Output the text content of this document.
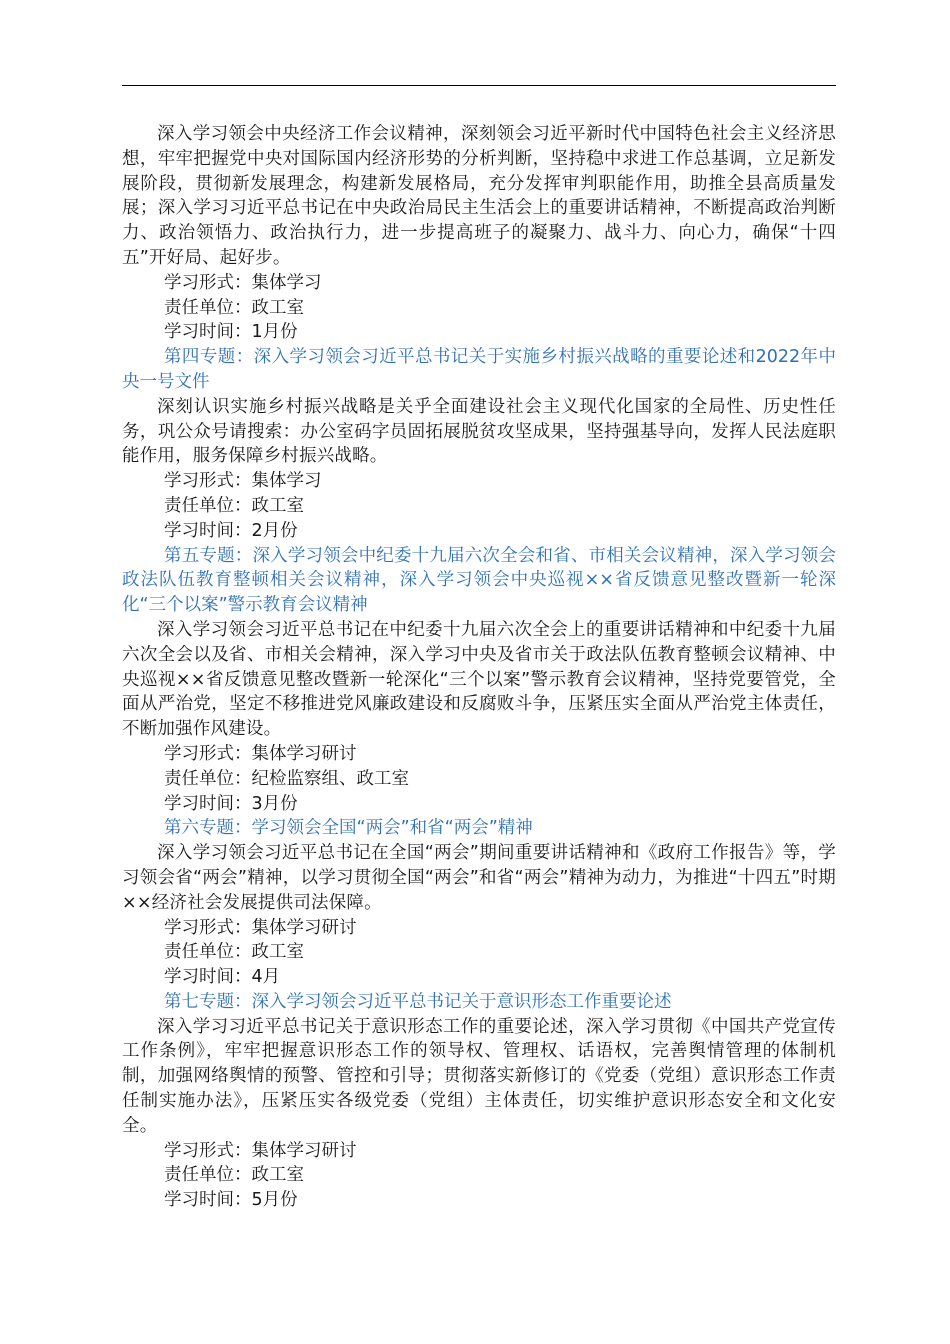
深入学习领会中央经济工作会议精神，深刻领会习近平新时代中国特色社会主义经济思想，牢牢把握党中央对国际国内经济形势的分析判断，坚持稳中求进工作总基调，立足新发展阶段，贯彻新发展理念，构建新发展格局，充分发挥审判职能作用，助推全县高质量发展；深入学习习近平总书记在中央政治局民主生活会上的重要讲话精神，不断提高政治判断力、政治领悟力、政治执行力，进一步提高班子的凝聚力、战斗力、向心力，确保“十四五”开好局、起好步。

学习形式：集体学习

责任单位：政工室

学习时间：1月份

第四专题：深入学习领会习近平总书记关于实施乡村振兴战略的重要论述和2022年中央一号文件

深刻认识实施乡村振兴战略是关乎全面建设社会主义现代化国家的全局性、历史性任务，巩公众号请搜索：办公室码字员固拓展脱贫攻坚成果，坚持强基导向，发挥人民法庭职能作用，服务保障乡村振兴战略。

学习形式：集体学习

责任单位：政工室

学习时间：2月份

第五专题：深入学习领会中纪委十九届六次全会和省、市相关会议精神，深入学习领会政法队伍教育整顿相关会议精神，深入学习领会中央巡视××省反馈意见整改暨新一轮深化“三个以案”警示教育会议精神

深入学习领会习近平总书记在中纪委十九届六次全会上的重要讲话精神和中纪委十九届六次全会以及省、市相关会精神，深入学习中央及省市关于政法队伍教育整顿会议精神、中央巡视××省反馈意见整改暨新一轮深化“三个以案”警示教育会议精神，坚持党要管党，全面从严治党，坚定不移推进党风廉政建设和反腐败斗争，压紧压实全面从严治党主体责任，不断加强作风建设。

学习形式：集体学习研讨

责任单位：纪检监察组、政工室

学习时间：3月份

第六专题：学习领会全国“两会”和省“两会”精神

深入学习领会习近平总书记在全国“两会”期间重要讲话精神和《政府工作报告》等，学习领会省“两会”精神，以学习贯彻全国“两会”和省“两会”精神为动力，为推进“十四五”时期××经济社会发展提供司法保障。

学习形式：集体学习研讨

责任单位：政工室

学习时间：4月

第七专题：深入学习领会习近平总书记关于意识形态工作重要论述

深入学习习近平总书记关于意识形态工作的重要论述，深入学习贯彻《中国共产党宣传工作条例》，牢牢把握意识形态工作的领导权、管理权、话语权，完善舆情管理的体制机制，加强网络舆情的预警、管控和引导；贯彻落实新修订的《党委（党组）意识形态工作责任制实施办法》，压紧压实各级党委（党组）主体责任，切实维护意识形态安全和文化安全。

学习形式：集体学习研讨

责任单位：政工室

学习时间：5月份
